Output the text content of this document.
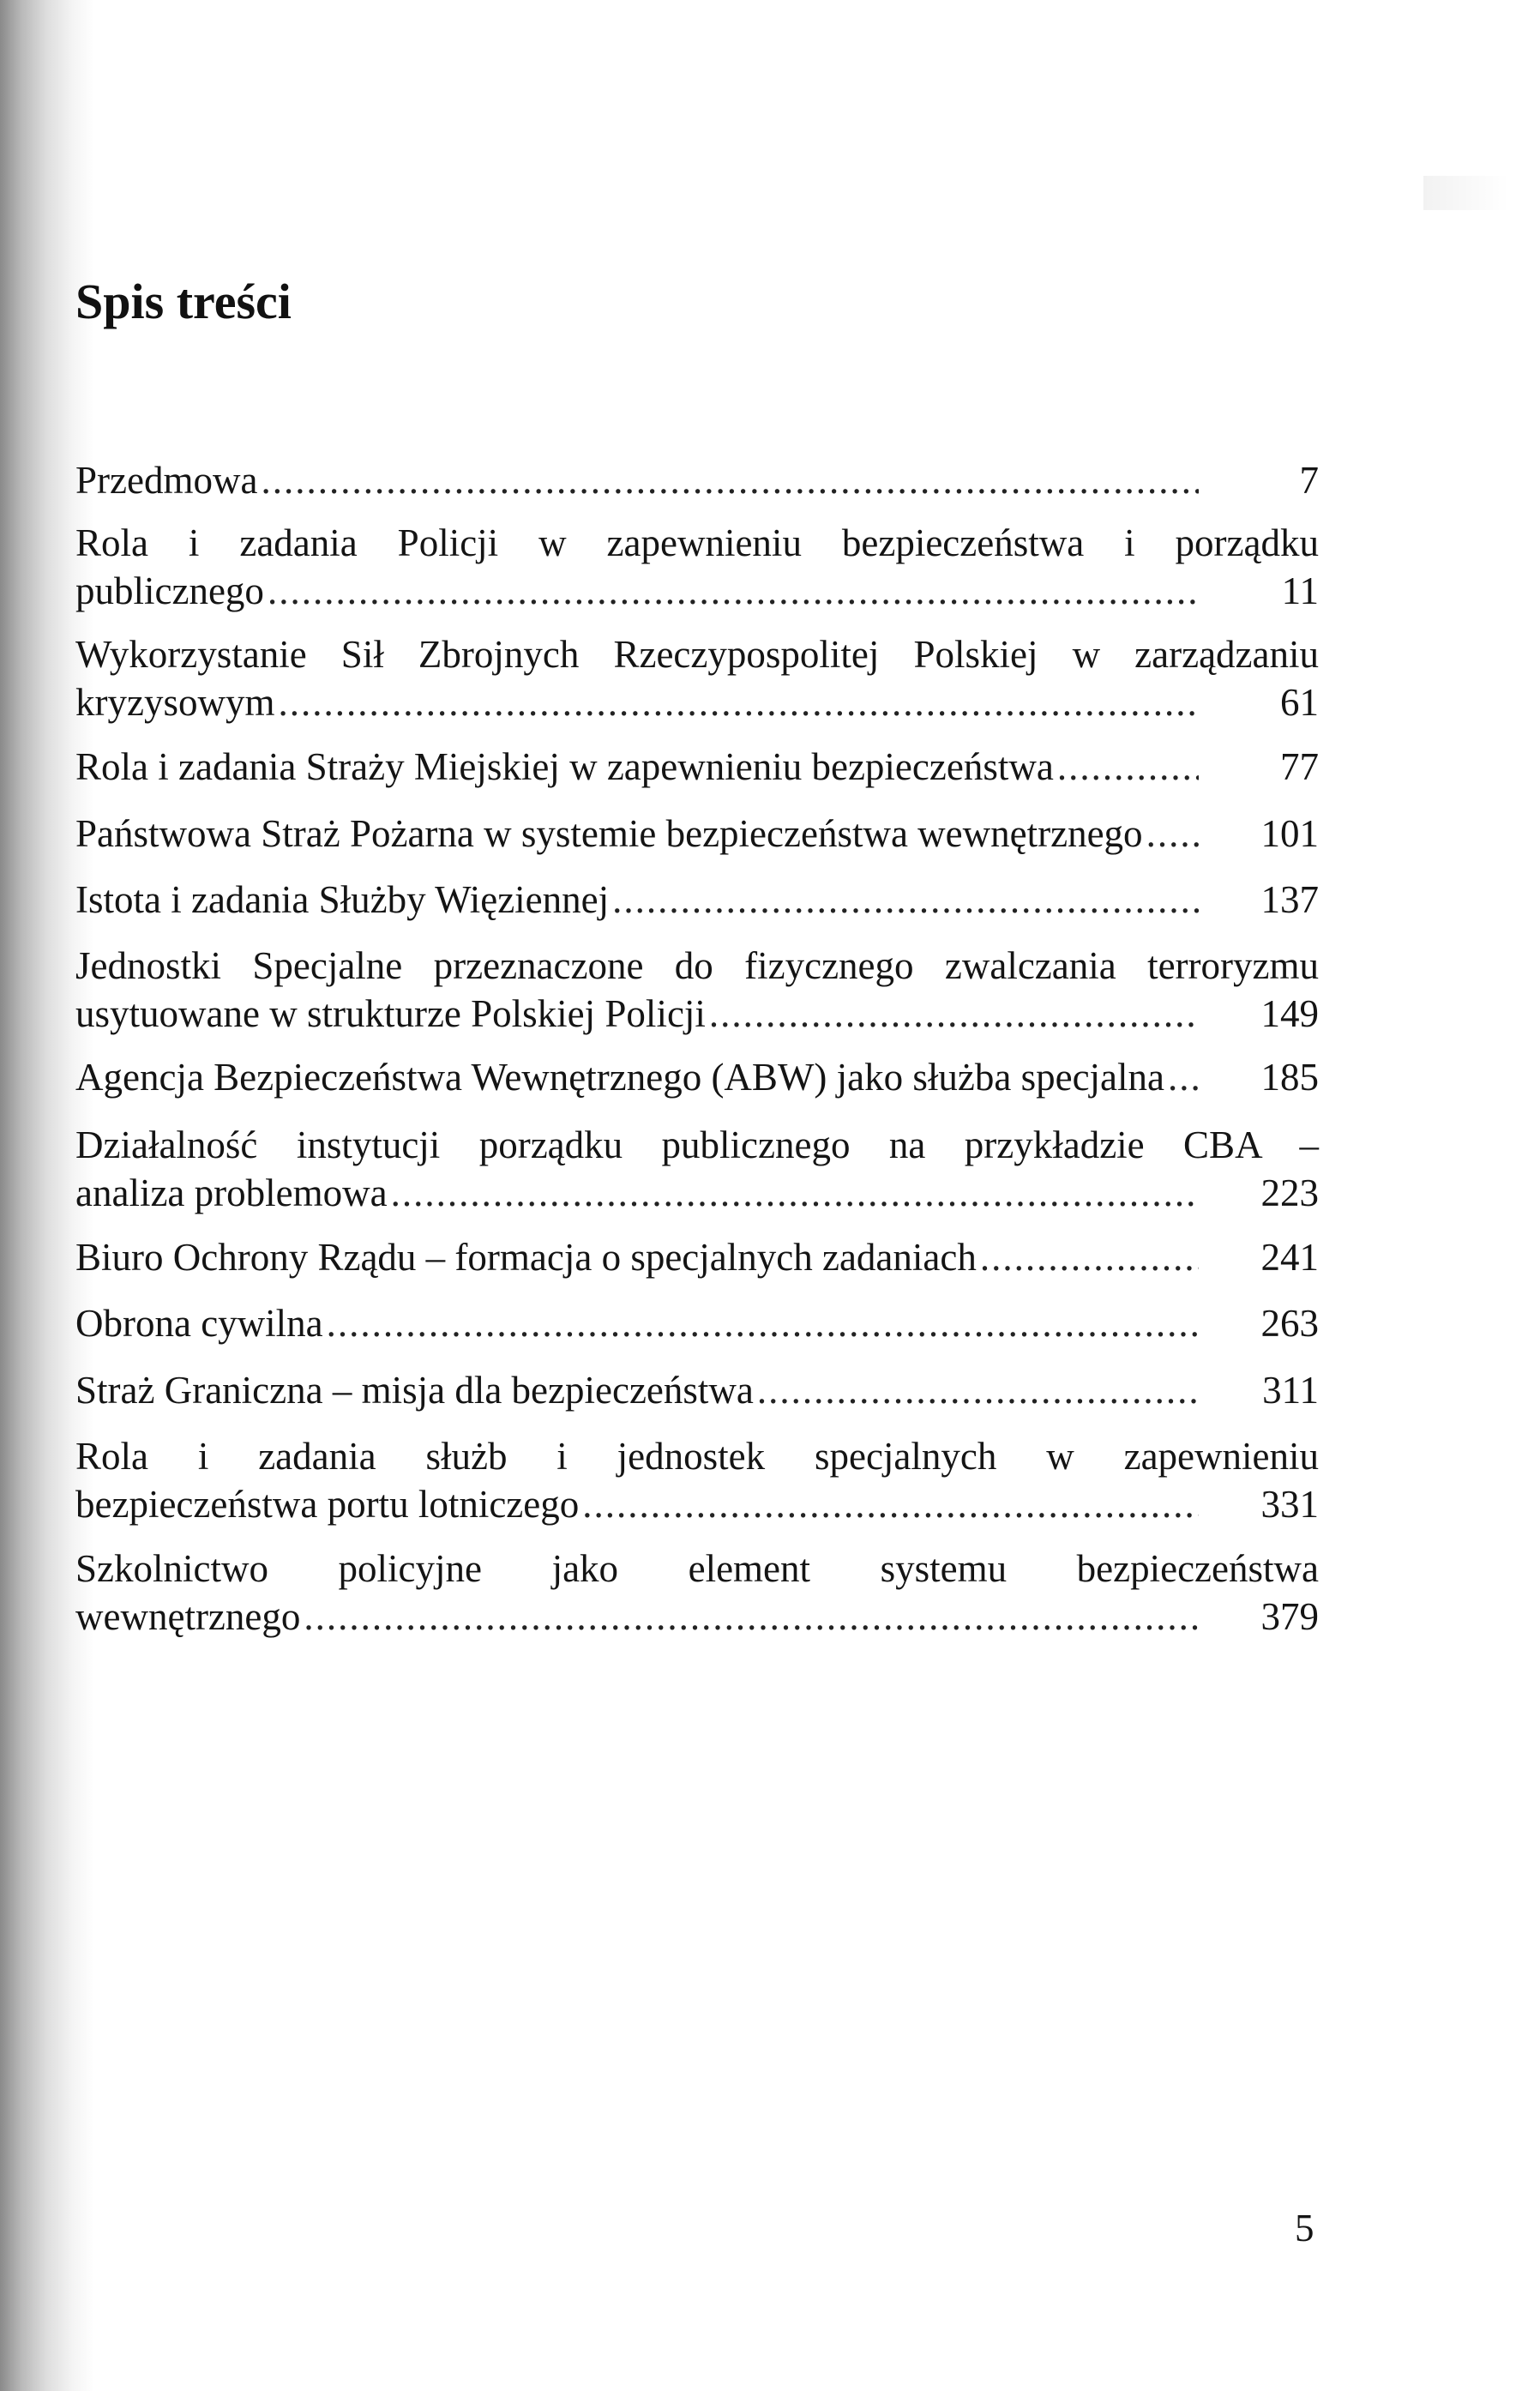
Spis treści
Przedmowa .....	7
Rola i zadania Policji w zapewnieniu bezpieczeństwa i porządku
publicznego .....	11
Wykorzystanie Sił Zbrojnych Rzeczypospolitej Polskiej w zarządzaniu
kryzysowym .....	61
Rola i zadania Straży Miejskiej w zapewnieniu bezpieczeństwa .....	77
Państwowa Straż Pożarna w systemie bezpieczeństwa wewnętrznego .....	101
Istota i zadania Służby Więziennej .....	137
Jednostki Specjalne przeznaczone do fizycznego zwalczania terroryzmu
usytuowane w strukturze Polskiej Policji .....	149
Agencja Bezpieczeństwa Wewnętrznego (ABW) jako służba specjalna .....	185
Działalność instytucji porządku publicznego na przykładzie CBA –
analiza problemowa .....	223
Biuro Ochrony Rządu – formacja o specjalnych zadaniach .....	241
Obrona cywilna .....	263
Straż Graniczna – misja dla bezpieczeństwa .....	311
Rola i zadania służb i jednostek specjalnych w zapewnieniu
bezpieczeństwa portu lotniczego .....	331
Szkolnictwo policyjne jako element systemu bezpieczeństwa
wewnętrznego .....	379
5
